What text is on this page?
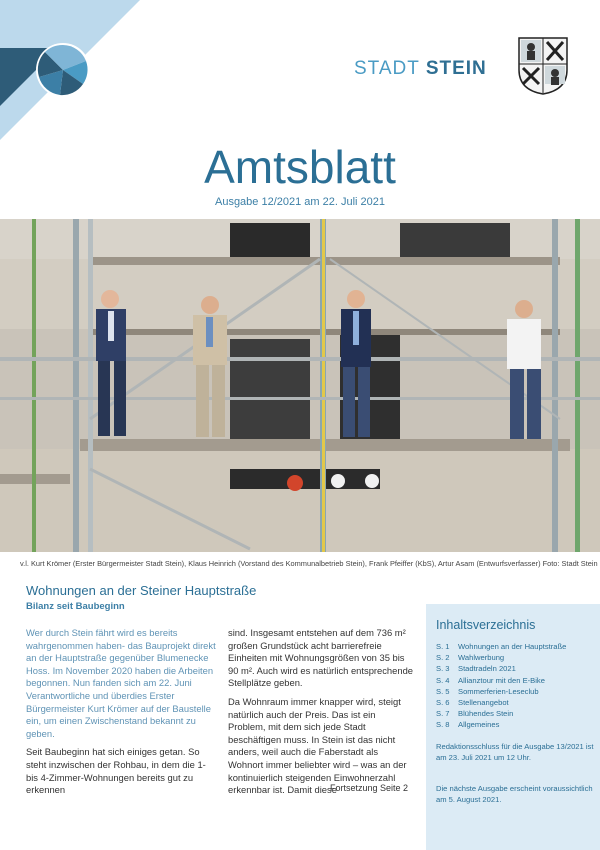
STADT STEIN
Amtsblatt
Ausgabe 12/2021 am 22. Juli 2021
v.l. Kurt Krömer (Erster Bürgermeister Stadt Stein), Klaus Heinrich (Vorstand des Kommunalbetrieb Stein), Frank Pfeiffer (KbS), Artur Asam (Entwurfsverfasser) Foto: Stadt Stein
Wohnungen an der Steiner Hauptstraße
Bilanz seit Baubeginn

Wer durch Stein fährt wird es bereits wahrgenommen haben- das Bauprojekt direkt an der Hauptstraße gegenüber Blumenecke Hoss. Im November 2020 haben die Arbeiten begonnen. Nun fanden sich am 22. Juni Verantwortliche und überdies Erster Bürgermeister Kurt Krömer auf der Baustelle ein, um einen Zwischenstand bekannt zu geben.

Seit Baubeginn hat sich einiges getan. So steht inzwischen der Rohbau, in dem die 1- bis 4-Zimmer-Wohnungen bereits gut zu erkennen

sind. Insgesamt entstehen auf dem 736 m² großen Grundstück acht barrierefreie Einheiten mit Wohnungsgrößen von 35 bis 90 m². Auch wird es natürlich entsprechende Stellplätze geben.

Da Wohnraum immer knapper wird, steigt natürlich auch der Preis. Das ist ein Problem, mit dem sich jede Stadt beschäftigen muss. In Stein ist das nicht anders, weil auch die Faberstadt als Wohnort immer beliebter wird – was an der kontinuierlich steigenden Einwohnerzahl erkennbar ist. Damit diese

Fortsetzung Seite 2
Inhaltsverzeichnis
S. 1	Wohnungen an der Hauptstraße
S. 2	Wahlwerbung
S. 3	Stadtradeln 2021
S. 4	Allianztour mit den E-Bike
S. 5	Sommerferien-Leseclub
S. 6	Stellenangebot
S. 7	Blühendes Stein
S. 8	Allgemeines
Redaktionsschluss für die Ausgabe 13/2021 ist am 23. Juli 2021 um 12 Uhr.
Die nächste Ausgabe erscheint voraussichtlich am 5. August 2021.
